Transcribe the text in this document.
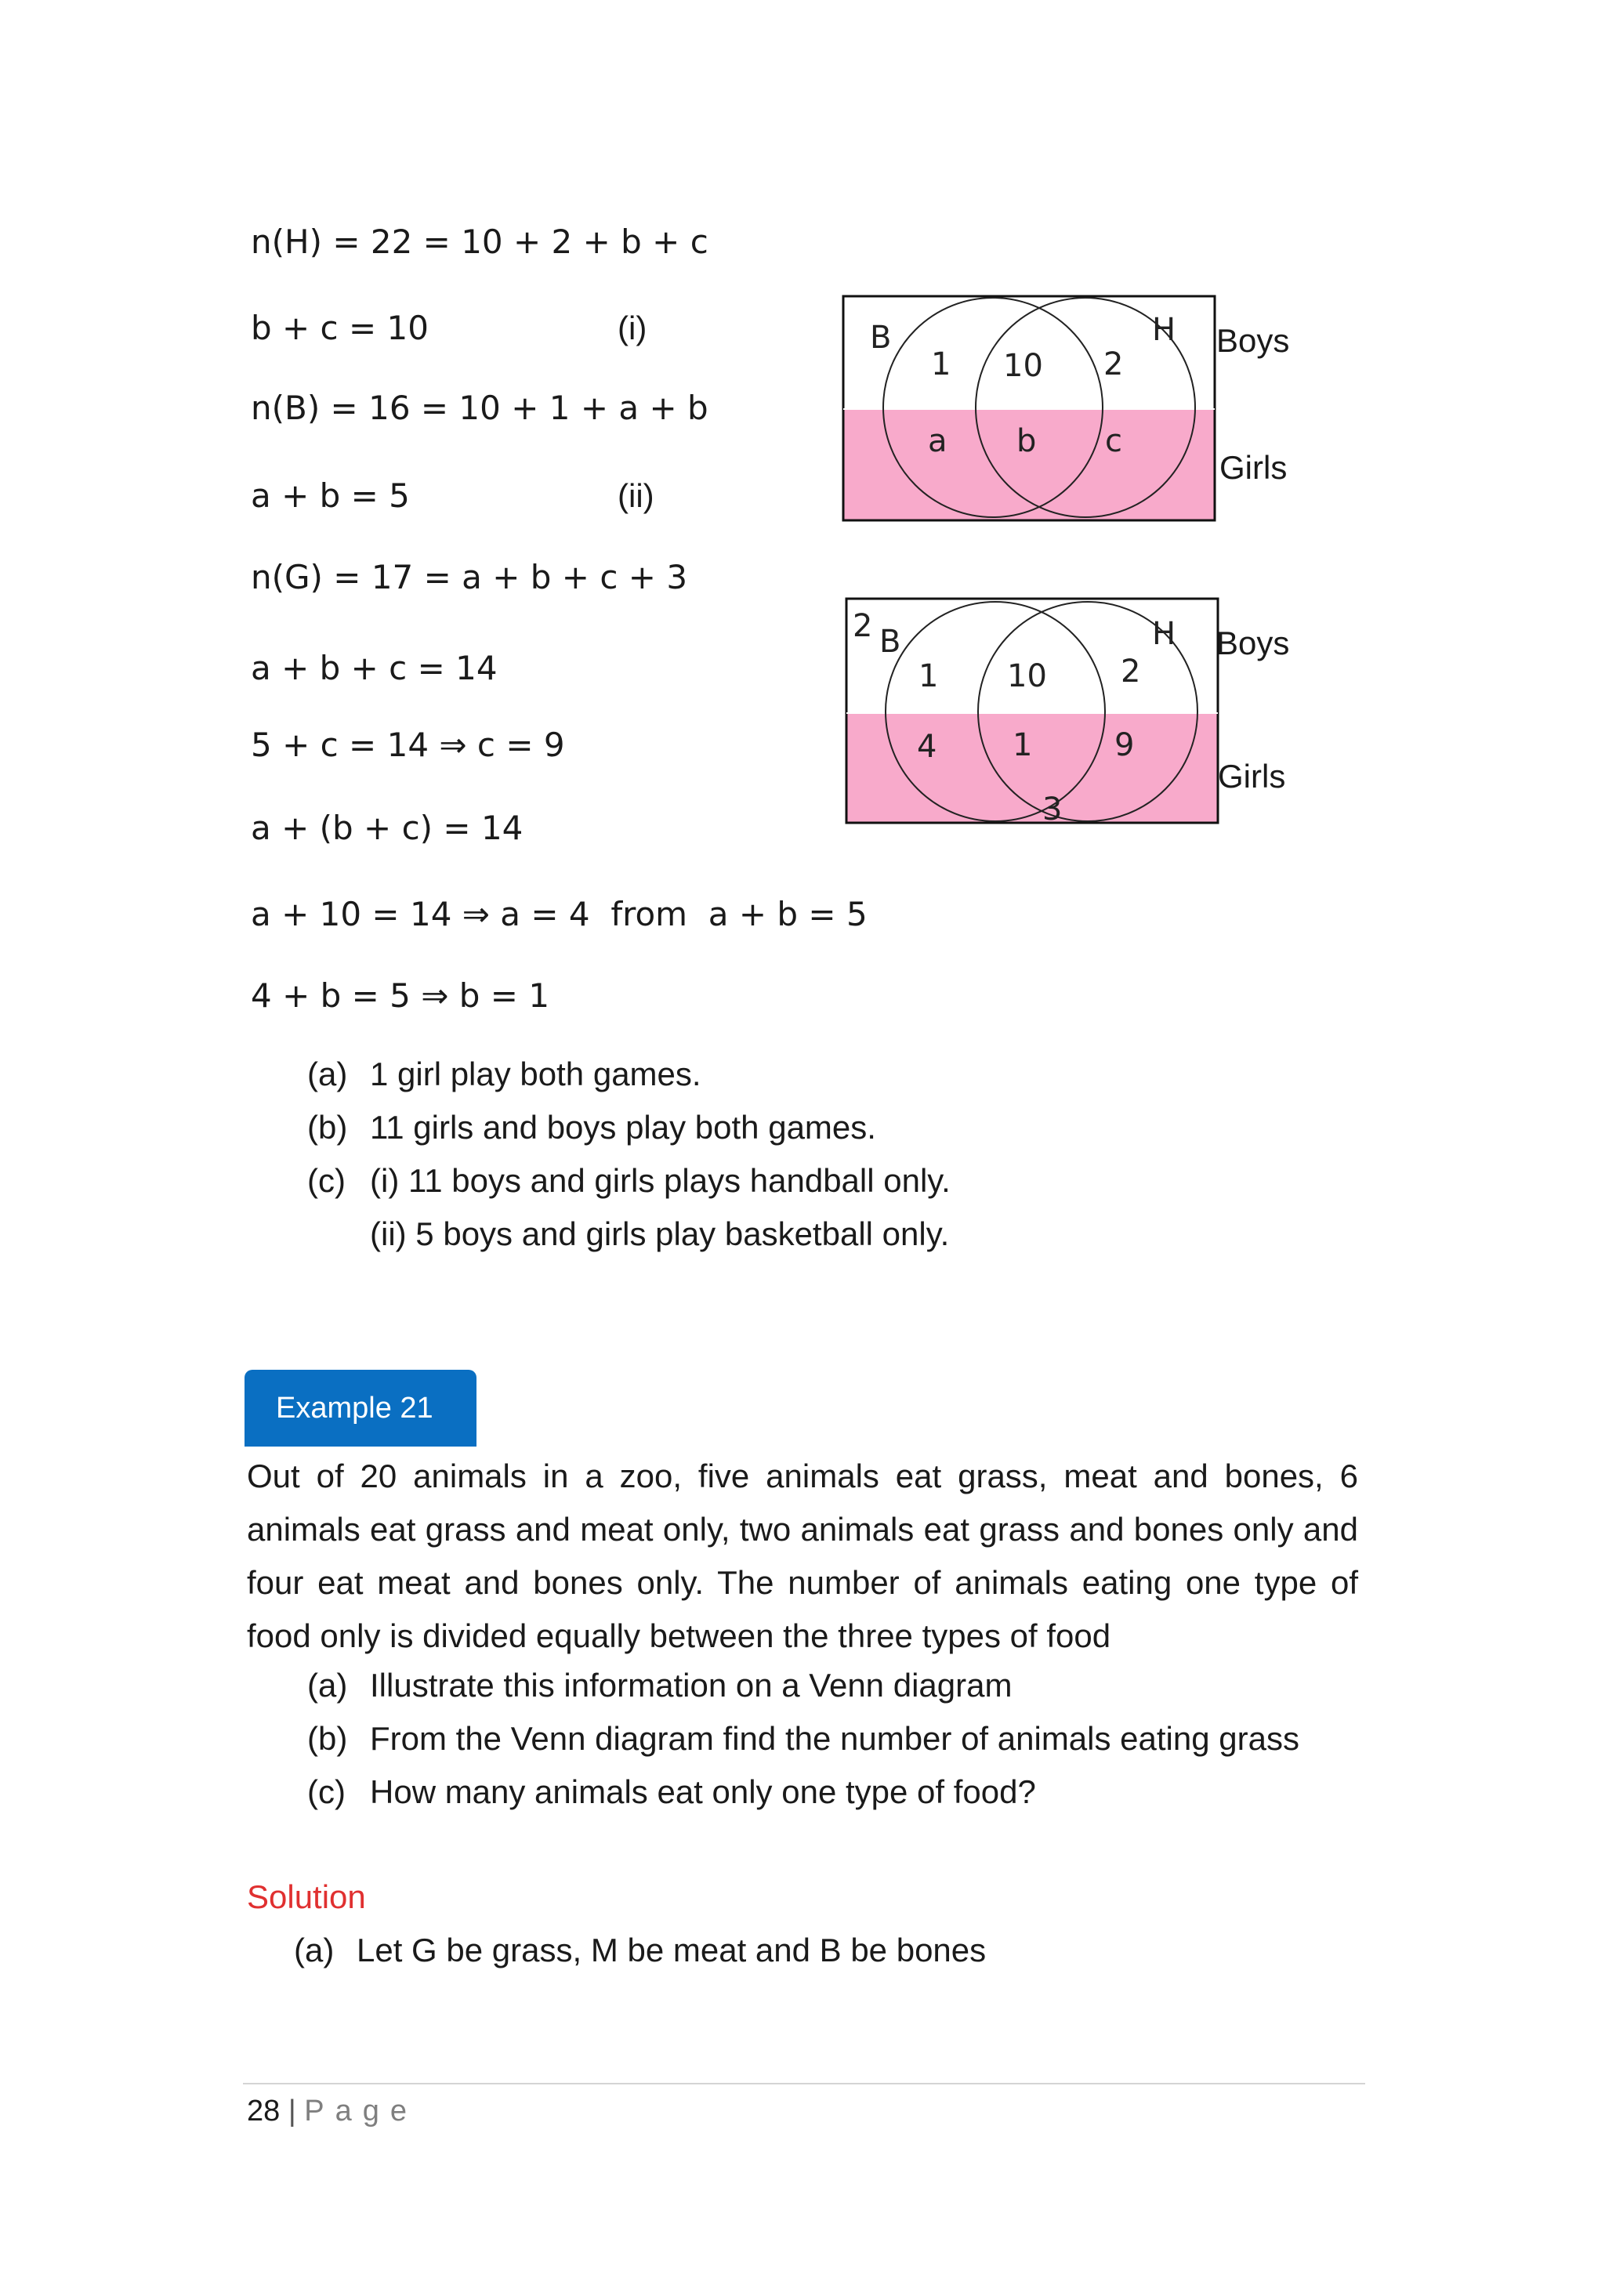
n(H) = 22 = 10 + 2 + b + c
b + c = 10	(i)
n(B) = 16 = 10 + 1 + a + b
a + b = 5	(ii)
n(G) = 17 = a + b + c + 3
a + b + c = 14
5 + c = 14 ⇒ c = 9
a + (b + c) = 14
a + 10 = 14 ⇒ a = 4  from  a + b = 5
4 + b = 5 ⇒ b = 1
B	H
1 10 2
a b c
Boys
Girls
2
3
B	H
1 10 2
4 1	9
Boys
Girls
(a) 1 girl play both games.
(b) 11 girls and boys play both games.
(c) (i) 11 boys and girls plays handball only.
(ii) 5 boys and girls play basketball only.
Example 21
Out of 20 animals in a zoo, five animals eat grass, meat and bones, 6 animals eat grass and meat only, two animals eat grass and bones only and four eat meat and bones only. The number of animals eating one type of food only is divided equally between the three types of food
(a) Illustrate this information on a Venn diagram
(b) From the Venn diagram find the number of animals eating grass
(c) How many animals eat only one type of food?
Solution
(a) Let G be grass, M be meat and B be bones
28 | Page
